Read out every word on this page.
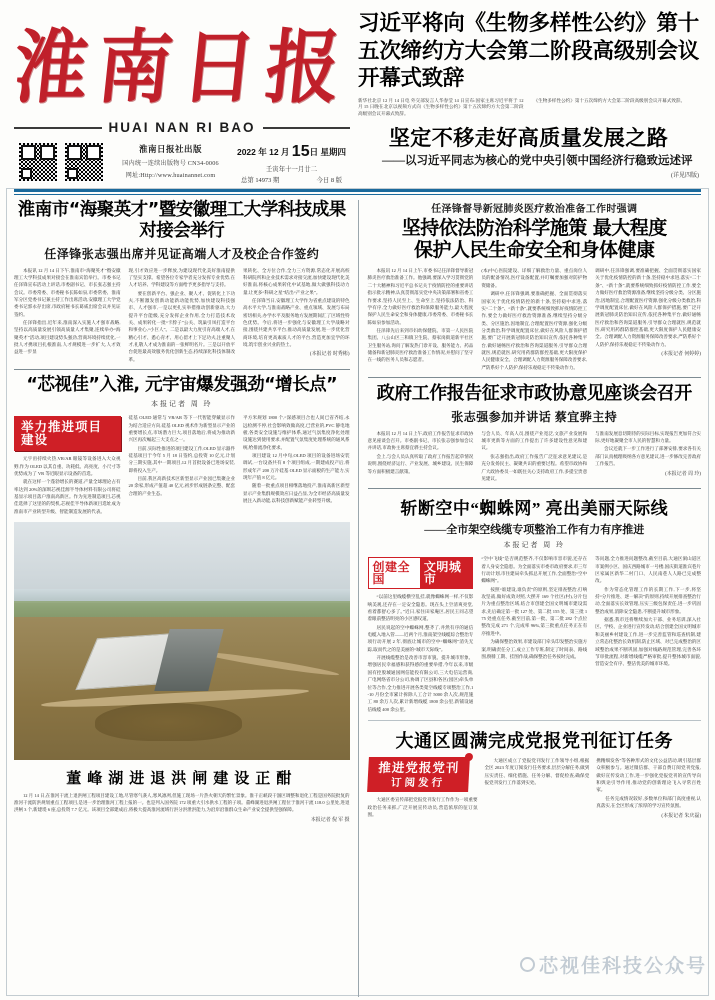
淮南日报
HUAI NAN RI BAO
淮南日报社出版
国内统一连续出版物号 CN34-0006
网址:Http://www.huainannet.com
2022 年 12 月 15日 星期四
壬寅年十一月廿二
总第 14973 期	今日 8 版
习近平将向《生物多样性公约》第十五次缔约方大会第二阶段高级别会议开幕式致辞

新华社北京 12 月 14 日电 外交部发言人华春莹 14 日宣布:国家主席习近平将于 12 月 15 日晚在北京以视频方式向《生物多样性公约》第十五次缔约方大会第二阶段高级别会议开幕式致辞。

《生物多样性公约》第十五次缔约方大会第二阶段高级别会议开幕式致辞。

坚定不移走好高质量发展之路
——以习近平同志为核心的党中央引领中国经济行稳致远述评
(详见四版)
淮南市“海聚英才”暨安徽理工大学科技成果对接会举行
任泽锋张志强出席并见证高端人才及校企合作签约

本报讯 12 月 14 日下午,淮南市“海聚英才”暨安徽理工大学科技成果对接会在淮南宾馆举行。市委书记任泽锋宣布活动上讲话,市委副书记、市长张志强主持会议。市委常委、市委秘书长陈如泉,市委常委、淮南军分区党委书记兼主持工作出席活动,安徽理工大学党委书记郭永存出席,市政府秘书长葛威出席会议并见证签约。

任泽锋指出,近年来,淮南深入实施人才强市战略,坚持以高质量发展引领高质量人才集聚,连续举办“海聚英才”活动,项目建设势头强劲,营商环境持续优化,一批人才携项目扎根淮南,人才规模进一步扩大,人才效益进一步显

现,引才效应进一步释放,为建设现代化美好淮南提供了坚实支撑。希望各位专家学者充分发挥专业优势,在人才培养、学科建设等方面给予更多指导与支持。

要在创新平台、强企业、聚人才、促转化上下功夫,不断激发创新动能新动能优势,加快建设科技强市、人才强市,一是以更扎实举措推动创新驱动,大力提升平台能级,充分发挥企业作用,全力打造技术攻关、成果转化一批“卡脖子”公关、筑巢引凤打造平台和事业心,“小巨人”。二是以最大力度引育高端人才,在精心引才、悉心育才、用心留才上下足功夫,注重聚人才,礼敬人才成为淮南的一张鲜明名片。三是以开放平台促进最高效服务优化创新生态,持续深化科技体制改革。

果转化、全方位合作,全力三方资源,常态化开展高校科研院所和企业技术需求对接交流,加快建设现代化美好淮南,将核心成果转化中试基地,做大做强科技动力量,让更多“科研之星”结出“产业之果”。

任泽锋当日,安徽理工大学作为省重点建设的特色高水平大学,与淮南战略产业、重点领域、发展与布局密切相关,办学水平及服务地方发展期间汇了区域性特色优势。今后,将进一步强化与安徽理工大学战略对接,围绕共建共享平台,推动高质量发展,进一步优化营商环境,培育更高素质人才的平台,营造更加宜学的环境,筑牢创业兴业的热土。

(本报记者 时秀彬)
“芯视佳”入淮, 元宇宙爆发强劲“增长点”
本报记者 周 玲
举力推进项目建设

元宇宙持续火热,VR/AR 眼镜等设备进入大众视野,作为 OLED 以其自重、功耗低、高亮度、小尺寸等优势成为了 VR 等近眼显示设备的首选。

就在这样一个蓬勃增长的赛道,产量全球理论占有率达到 20%的深圳芯视佳源半导体材料有限公司将硅基显示项目落户淮南高新区。作为先进制造项目,芯视佳选择了这里的的契机,芯视佳半导体新项目选址成为淮南市产业转型升级、智能制造发展的代表。

硅基 OLED 通常与 VR/AR 等下一代智能穿戴显示作为结合适应方向,硅基 OLED 视术作为新型显示产业的重要增长点,市场潜力巨大,项目落地后,将成为推动新兴区再次崛起三大支点之一。

目前,实际性推进的项目建设工作,OLED 显示器件硅基项目于今年 5 月 18 日签约,总投资 10 亿元,计划分三期实施,其中一期项目,12 月首批设备已进场安装,即将投入生产。

目前,我区高新技术区新型显示产业园已集聚企业 20 余家,形成产值超 40 亿元,初步形成链条完整、配套合理的产业生态。

平方米规划 1800 个,“深感项目合也人间已省齐结,永远检测不停,社会影响效做高度,已营业的,PVC 静电地板,各类安全设施与维护体系,通过气氛集度净化处理设施达到使用要求,并配置气氛集度处理系统的通风系统,给排流净化要求。

项目建设 12 月中旬,OLED 项目的设备进场安装调试,一台设备共有 8 个项目组成,一期建成投产后,将形成年产 200 万片硅基 OLED 显示面板的生产能力,实现年产值 8 亿元。

随着一批重点项目相继落地投产,淮南高新区新型显示产业集群规模效应日益凸显,为全市经济高质量发展注入新动能,以科技创新赋能产业转型升级。

董峰湖进退洪闸建设正酣
12 月 14 日,在淮河干流上退洪闸工程项目建设工地,尽管寒气袭人,寒风凛冽,但施工现场一片热火朝天的繁忙景象。淮干正峡段干涸区调整和退化工程是国务院批复的淮河干流防洪规划重点工程项目,是进一步治理淮河工程上报的一。也是列入国务院 172 项重大引水供水工程的子项。董峰湖进退洪闸工程位于淮河干流 118.0 公里处,进退洪闸 3 个,新建堤 6 座,总投资 7.7 亿元。该项目全部建成后,将极大提高淮河流域行洪分洪泄洪能力,为沿岸沿淮群众生命产业安全提供坚强保障。
本报记者 倪 军 摄
任泽锋督导新冠肺炎医疗救治准备工作时强调
坚持依法防治科学施策 最大程度
保护人民生命安全和身体健康

本报讯 12 月 14 日上午,市委书记任泽锋督导新冠肺炎医疗救治准备工作。他强调,要深入学习贯彻党的二十大精神和习近平总书记关于疫情防控的重要讲话指示批示精神,认真贯彻落实党中央决策部署和省委工作要求,坚持人民至上、生命至上,坚持依法防治、科学有序,全力做好医疗救治和保障服务能力,最大程度保护人民生命安全和身体健康,市委常委、市委秘书长陈如泉参加活动。

任泽锋先后来到市妇幼保健院、市第一人民医院集团、八公山区三和镇卫生院、蔡家岗街道新平社区卫生服务站,询问了解发热门诊开设、服务能力、药品储备和新冠肺炎医疗救治准备工作情况,并慰问了坚守在一线的医务人员和志愿者。

(本)中心医院建设、详细了解救治力量、重点岗位人员的配备情况,医疗设备配置,并叮嘱要加强对防护物资储备。

调研中,任泽锋强调,要准确把握、全面贯彻落实国家关于优化疫情防控的新十条,坚持稳中求进,落实“二十条”、“新十条”,就要系统细致抓好疫情防控工作,要全力做好医疗救治资源准备,继续坚持分级分类、分区施治,因地制宜,合理配置医疗资源,强化分级分类救治,科学调度配置床位,做好在风险人群保护措施,要广泛开展新冠肺炎防治知识宣传,依托各种集平台,做好通畅医疗救治和咨询渠道服务,引导群众合理就医,规范就医,研究用药群防群控基础,更大限度保护人民健康安全。合理调配人力资源服务保障改善要求,严防系好个人防护,保持乐观稳定不传染动作力。

调研中,任泽锋强调,要准确把握、全面贯彻落实国家关于优化疫情防控的新十条,坚持稳中求进,落实“二十条”、“新十条”,就要系统细致抓好疫情防控工作,要全力做好医疗救治资源准备,继续坚持分级分类、分区施治,因地制宜,合理配置医疗资源,强化分级分类救治,科学调度配置床位,做好在风险人群保护措施,要广泛开展新冠肺炎防治知识宣传,依托各种集平台,做好通畅医疗救治和咨询渠道服务,引导群众合理就医,规范就医,研究用药群防群控基础,更大限度保护人民健康安全。合理调配人力资源服务保障改善要求,严防系好个人防护,保持乐观稳定不传染动作力。

(本报记者 何婷婷)
政府工作报告征求市政协意见座谈会召开
张志强参加并讲话 蔡宜骅主持

本报讯 12 月 14 日上午,政府工作报告征求市政协意见座谈会召开。市委副书记、市长张志强参加会议并讲话,市政协主席蔡宜骅主持会议。

会上,与会人员认真听取了政府工作报告起草情况说明,围绕经济运行、产业发展、城乡建设、民生保障等方面积极建言献策。

与会人员、年高人员,围绕产业宽泛,文旅产业发展和城市更新等方面的工作提出了许多建设性意见和建议。

张志强指出,政府工作报告广泛征求意见建议,是充分发扬民主、凝聚共识的重要过程。希望市政协和广大政协委员一如既往关心支持政府工作,多提宝贵意见建议。

与淮南发展息切期待的实际目标,实现报告更加符合实际,更好地凝聚全市人民的智慧和力量。

会议还就下一步工作进行了部署安排,要求各有关部门认真梳理吸纳各方意见建议,进一步修改完善政府工作报告。

(本报记者 周 玲)
斩断空中“蜘蛛网” 亮出美丽天际线
——全市架空线缆专项整治工作有力有序推进
本报记者 周 玲
创建全国
文明城市

“以前这里线缆横空乱挂,就像蜘蛛网一样,不仅影响美观,还存在一定安全隐患。现在头上空清爽亮堂,看着都舒心多了。”近日,家住田家庵区,居民王同志望着眼前整洁明亮的小区感叹道。

居民说起的空中蜘蛛网,整齐了,井然有序的通信电缆入地入管——近两个月,淮南架空线缆综合整治专项行动开展 2 年,彻底让城市的空中“蜘蛛网”消失无踪,取而代之的是美丽的“城市天际线”。

开展线缆整治是改善市容市貌、提升城市形象、增强居民幸福感和获得感的重要举措,今年以来,市级国有控股城通国网信能投有限公司,三大电信运营商,广电网络省市分公司,协调了区县和各区(园区)牵头单位等合作,全力推进开展各类架空线缆专项整治工作,1-10 月份全市累计拆除人工合计 5000 余人次,规范施工 80 余万人次,累计新增线缆 1800 余公里,新铺设通信线缆 400 余公里。

“空中飞线”是否规范整齐,不仅影响市容市貌,还存在着人身安全隐患。为全面落实市委市政府要求,市三年行动计划,市住建局牵头抓总开展工作,全面整治“空中蜘蛛网”。

按照“谁建设,谁负责”的原则,坚定排查整治,打响攻坚战,做好成效对照,大摆开 169 个社区(村),分片包片为重点整治区域,结合市创建全国文明城市建设需求,先后确定第一批 127 处、第二批 155 处、第三批 175 处重点任务,截至目前,第一批、第二批 282 个点位整改完成 271 个,完成率 96%,第三批重点任务正在有序推进中。

为确保整治效果,市建设部门牵头印发整治实施方案,明确责任分工,成立工作专班,制定了时间表、路线图,倒排工期、挂图作战,确保整治任务按时完成。

等问题,全力推进问题整改,截至目前,大通区洞山道区市案例小区、国庆西路城市一号楼,国庆街道淮宾巷片区家属区新华二村门口、人民南巷人人路已完成整改。

作为常态化管理工作的长期工作,下一步,将坚持“分片推进、逐一解决”的原则,持续开展排查整治行动,全面落实长效管理,压实三级包保责任,进一步巩固整治成果,消除安全隐患,不断提升城市形象。

据悉,我市还将继续加大干部、业务培训,深入社区、学校、企业进行宣传发动,结合创建全国文明城市和美丽乡村建设工作,进一步完善监管和巡查机制,建立常态化整治长效机制,防止区域、对已完成整治的区域整治成果不断巩固,加强对线路规范管理,完善各环节审批流程,对新增线缆严格审批,提升整体城市面貌,营造安全有序、整洁优美的城市环境。

大通区圆满完成党报党刊征订任务
推进党报党刊
订阅发行

大通区委宣传部把党报党刊发行工作作为一项重要政治任务来抓,广泛开展宣传动员,营造浓厚的征订氛围。

大通区成立了党报党刊发行工作领导小组,根据全区 2023 年度订阅发行任务要求,层层分解任务,做到压实责任、细化措施、任务分解、督促检查,确保党报党刊发行工作落到实处。

携精细发各”等各种形式的文化公益活动,吸引基层群众积极参与。通过微信群、干部自费订阅党刊党报,做好宣传发动工作,进一步强化党报党刊的宣传导向和舆论引导作用,推动党的创新理论飞入寻常百姓家。

任务完成情况较好,多数单位和部门高度重视,认真落实,在全区形成了浓厚的学习宣传氛围。

(本报记者 朱庆磊)
芯视佳科技公众号
